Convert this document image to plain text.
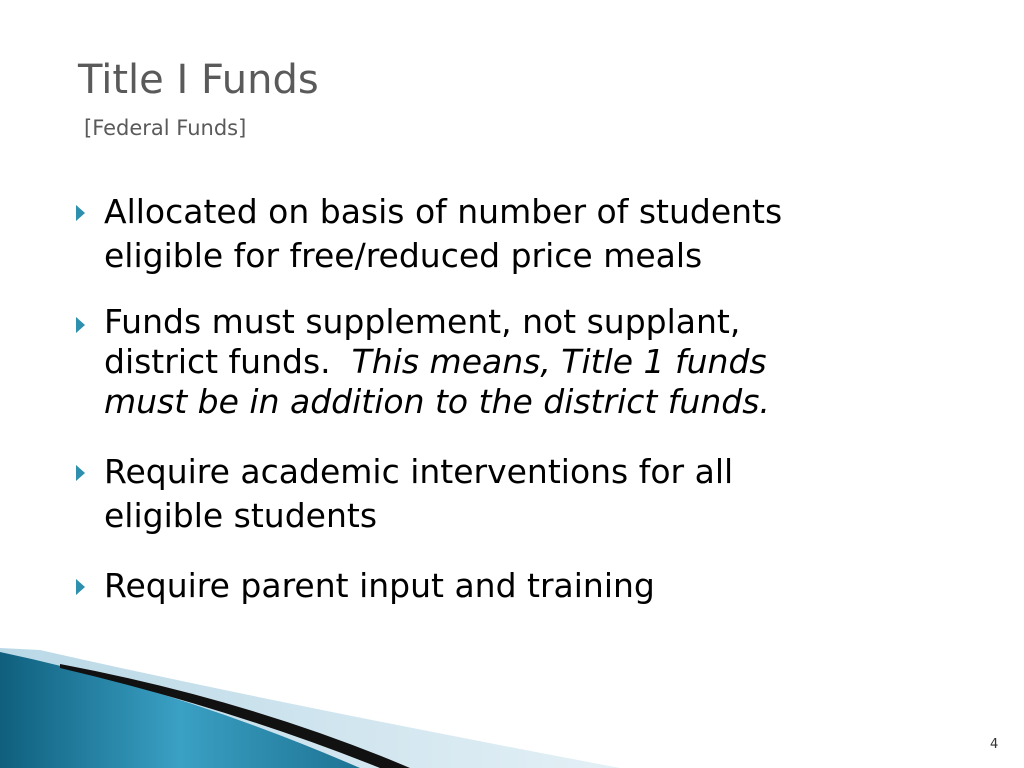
Title I Funds
[Federal Funds]
Allocated on basis of number of students
eligible for free/reduced price meals
Funds must supplement, not supplant,
district funds. This means, Title 1 funds
must be in addition to the district funds.
Require academic interventions for all
eligible students
Require parent input and training
4
